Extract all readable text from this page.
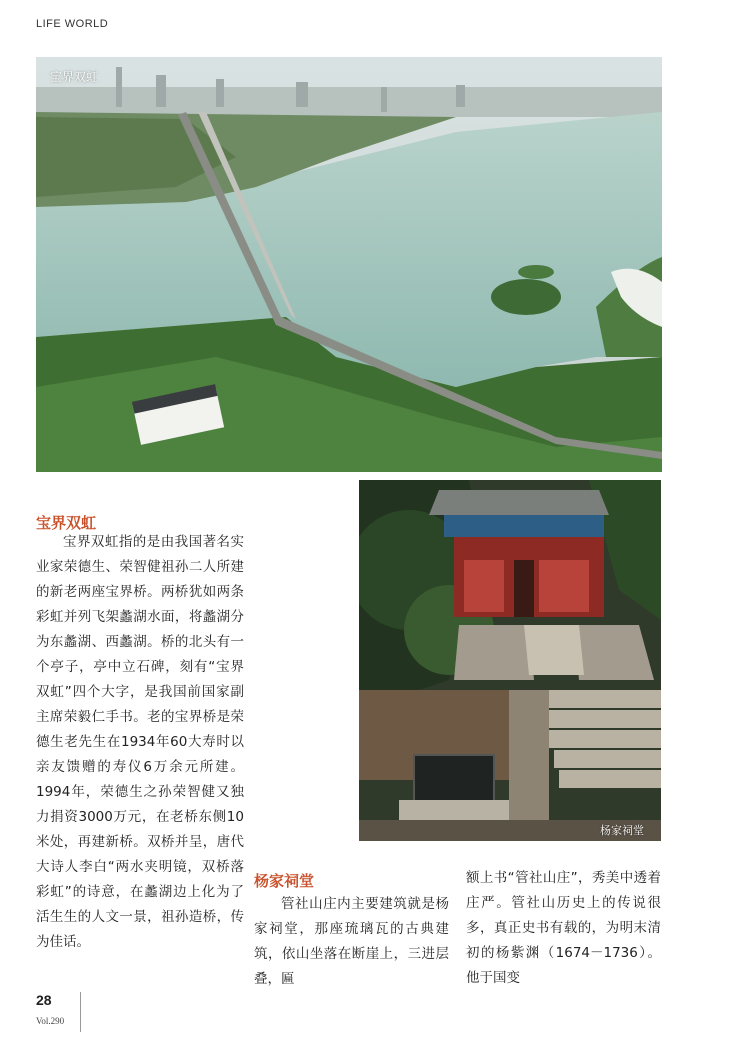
LIFE WORLD
宝界双虹
宝界双虹

宝界双虹指的是由我国著名实业家荣德生、荣智健祖孙二人所建的新老两座宝界桥。两桥犹如两条彩虹并列飞架蠡湖水面，将蠡湖分为东蠡湖、西蠡湖。桥的北头有一个亭子，亭中立石碑，刻有“宝界双虹”四个大字，是我国前国家副主席荣毅仁手书。老的宝界桥是荣德生老先生在1934年60大寿时以亲友馈赠的寿仪6万余元所建。1994年，荣德生之孙荣智健又独力捐资3000万元，在老桥东侧10米处，再建新桥。双桥并呈，唐代大诗人李白“两水夹明镜，双桥落彩虹”的诗意，在蠡湖边上化为了活生生的人文一景，祖孙造桥，传为佳话。

杨家祠堂
杨家祠堂

管社山庄内主要建筑就是杨家祠堂，那座琉璃瓦的古典建筑，依山坐落在断崖上，三进层叠，匾

额上书“管社山庄”，秀美中透着庄严。管社山历史上的传说很多，真正史书有载的，为明末清初的杨紫渊（1674－1736）。他于国变

28
Vol.290
